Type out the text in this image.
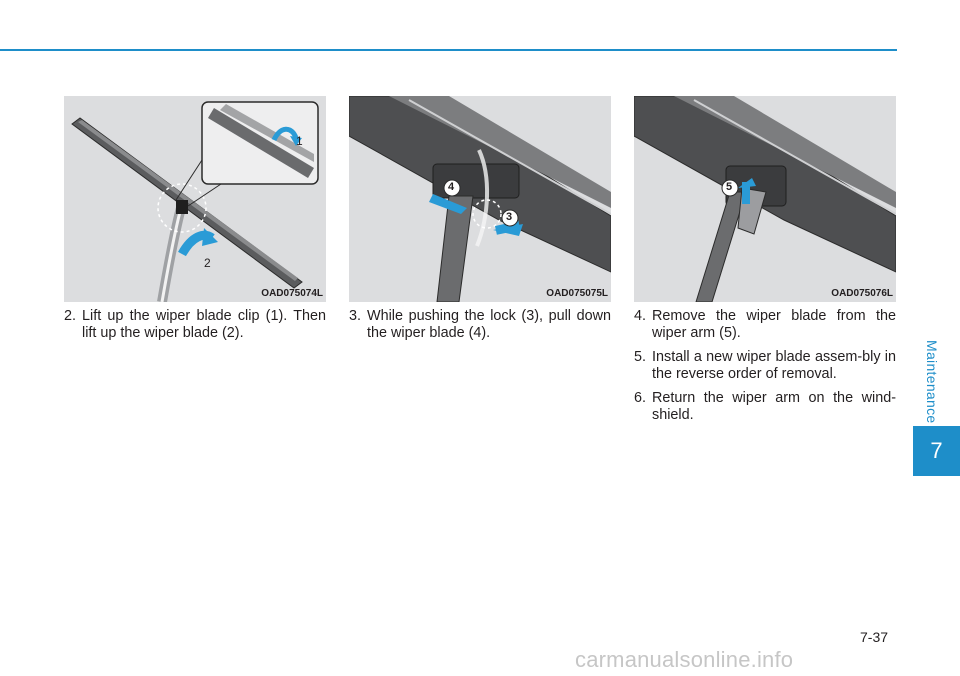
1
2
OAD075074L
4
3
OAD075075L
5
OAD075076L
2. Lift up the wiper blade clip (1). Then lift up the wiper blade (2).
3. While pushing the lock (3), pull down the wiper blade (4).
4. Remove the wiper blade from the wiper arm (5).
5. Install a new wiper blade assem-bly in the reverse order of removal.
6. Return the wiper arm on the wind-shield.	Maintenance
7
7-37
carmanualsonline.info
